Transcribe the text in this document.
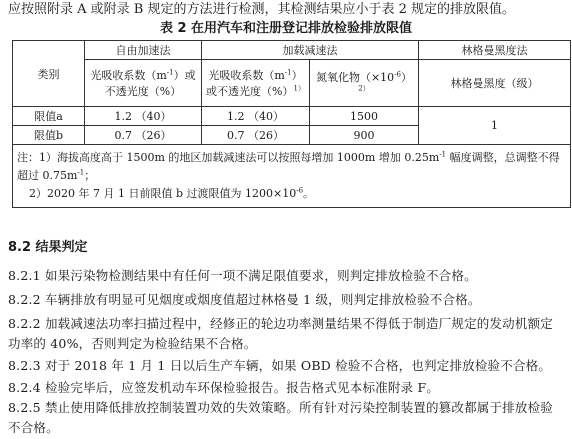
应按照附录 A 或附录 B 规定的方法进行检测，其检测结果应小于表 2 规定的排放限值。
表 2 在用汽车和注册登记排放检验排放限值
类别	自由加速法	加载减速法		林格曼黑度法
	光吸收系数$(m^{-1})$或不透光度（%）	光吸收系数$(m^{-1})$或不透光度（%）$^{1)}$	氮氧化物$(\times 10^{-6})^{2)}$	林格曼黑度（级）
限值a	1.2 （40）	1.2 （40）	1500	1
限值b	0.7 （26）	0.7 （26）	900	

注：1）海拔高度高于 1500m 的地区加载减速法可以按照每增加 1000m 增加 $0.25m^{-1}$ 幅度调整，总调整不得超过 $0.75m^{-1}$；
2）2020 年 7 月 1 日前限值 b 过渡限值为 $1200\times 10^{-6}$。				
8.2 结果判定
8.2.1 如果污染物检测结果中有任何一项不满足限值要求，则判定排放检验不合格。
8.2.2 车辆排放有明显可见烟度或烟度值超过林格曼 1 级，则判定排放检验不合格。
8.2.2 加载减速法功率扫描过程中，经修正的轮边功率测量结果不得低于制造厂规定的发动机额定功率的 40%，否则判定为检验结果不合格。
8.2.3 对于 2018 年 1 月 1 日以后生产车辆，如果 OBD 检验不合格，也判定排放检验不合格。
8.2.4 检验完毕后，应签发机动车环保检验报告。报告格式见本标准附录 F。
8.2.5 禁止使用降低排放控制装置功效的失效策略。所有针对污染控制装置的篡改都属于排放检验不合格。
